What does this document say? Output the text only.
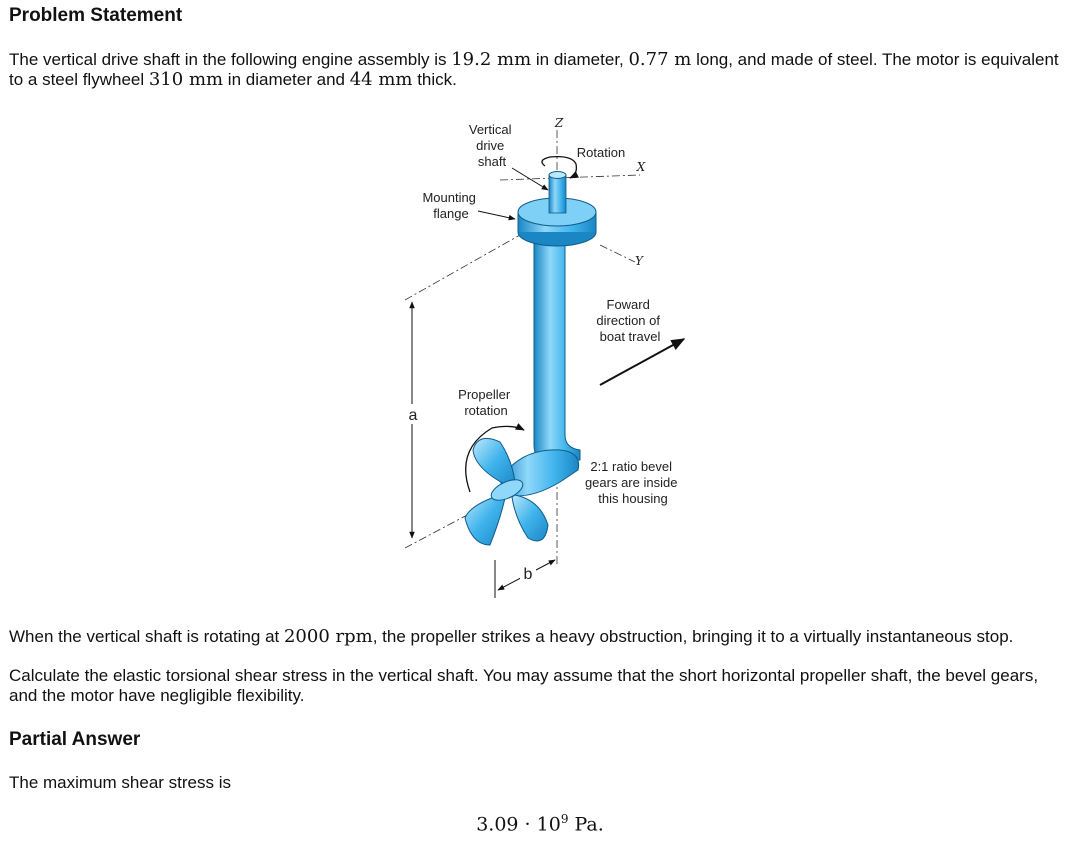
Problem Statement

The vertical drive shaft in the following engine assembly is 19.2 mm in diameter, 0.77 m long, and made of steel. The motor is equivalent to a steel flywheel 310 mm in diameter and 44 mm thick.

Vertical drive shaft
Mounting flange
Rotation
Z
X
Y
Foward direction of boat travel
Propeller rotation
a
b
2:1 ratio bevel gears are inside this housing

When the vertical shaft is rotating at 2000 rpm, the propeller strikes a heavy obstruction, bringing it to a virtually instantaneous stop.

Calculate the elastic torsional shear stress in the vertical shaft. You may assume that the short horizontal propeller shaft, the bevel gears, and the motor have negligible flexibility.

Partial Answer

The maximum shear stress is

$3.09 \cdot 10^9$ Pa.
